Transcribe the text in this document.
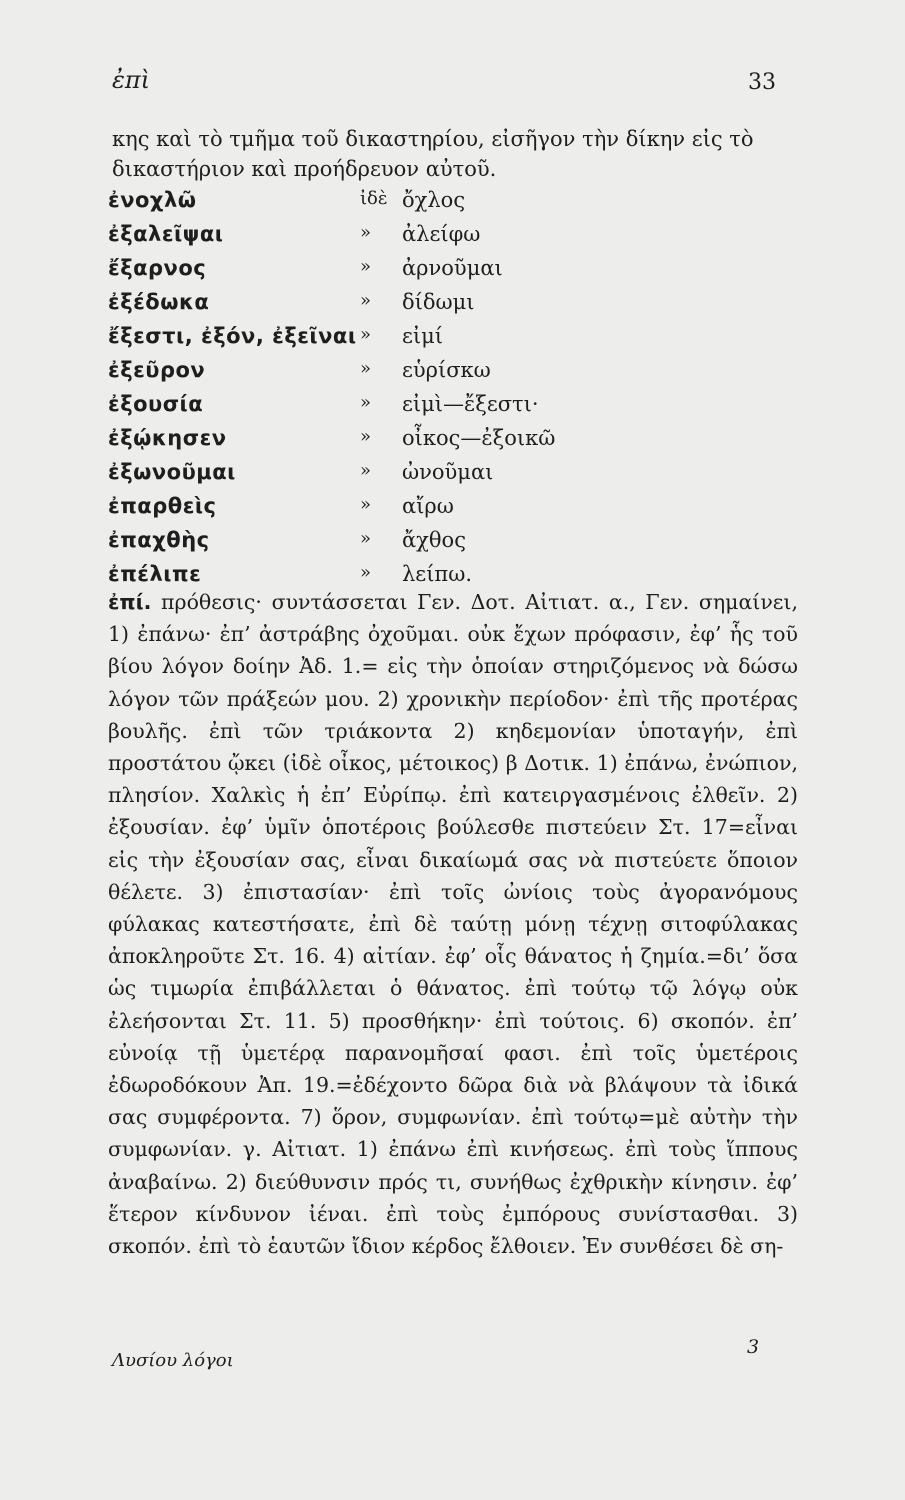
ἐπὶ	33
κης καὶ τὸ τμῆμα τοῦ δικαστηρίου, εἰσῆγον τὴν δίκην εἰς τὸ δικαστήριον καὶ προήδρευον αὐτοῦ.
ἐνοχλῶ	ἰδὲ ὄχλος
ἐξαλεῖψαι	» ἀλείφω
ἔξαρνος	» ἀρνοῦμαι
ἐξέδωκα	» δίδωμι
ἔξεστι, ἐξόν, ἐξεῖναι » εἰμί
ἐξεῦρον	» εὑρίσκω
ἐξουσία	» εἰμὶ—ἔξεστι·
ἐξῴκησεν	» οἶκος—ἐξοικῶ
ἐξωνοῦμαι	» ὠνοῦμαι
ἐπαρθεὶς	» αἴρω
ἐπαχθὴς	» ἄχθος
ἐπέλιπε	» λείπω.

ἐπί. πρόθεσις· συντάσσεται Γεν. Δοτ. Αἰτιατ. α., Γεν. σημαίνει, 1) ἐπάνω· ἐπ’ ἀστράβης ὀχοῦμαι. οὐκ ἔχων πρόφασιν, ἐφ’ ἧς τοῦ βίου λόγον δοίην Ἀδ. 1.= εἰς τὴν ὁποίαν στηριζόμενος νὰ δώσω λόγον τῶν πράξεών μου. 2) χρονικὴν περίοδον· ἐπὶ τῆς προτέρας βουλῆς. ἐπὶ τῶν τριάκοντα 2) κηδεμονίαν ὑποταγήν, ἐπὶ προστάτου ᾤκει (ἰδὲ οἶκος, μέτοικος) β Δοτικ. 1) ἐπάνω, ἐνώπιον, πλησίον. Χαλκὶς ἡ ἐπ’ Εὐρίπῳ. ἐπὶ κατειργασμένοις ἐλθεῖν. 2) ἐξουσίαν. ἐφ’ ὑμῖν ὁποτέροις βούλεσθε πιστεύειν Στ. 17=εἶναι εἰς τὴν ἐξουσίαν σας, εἶναι δικαίωμά σας νὰ πιστεύετε ὅποιον θέλετε. 3) ἐπιστασίαν· ἐπὶ τοῖς ὠνίοις τοὺς ἀγορανόμους φύλακας κατεστήσατε, ἐπὶ δὲ ταύτῃ μόνῃ τέχνῃ σιτοφύλακας ἀποκληροῦτε Στ. 16. 4) αἰτίαν. ἐφ’ οἷς θάνατος ἡ ζημία.=δι’ ὅσα ὡς τιμωρία ἐπιβάλλεται ὁ θάνατος. ἐπὶ τούτῳ τῷ λόγῳ οὐκ ἐλεήσονται Στ. 11. 5) προσθήκην· ἐπὶ τούτοις. 6) σκοπόν. ἐπ’ εὐνοίᾳ τῇ ὑμετέρᾳ παρανομῆσαί φασι. ἐπὶ τοῖς ὑμετέροις ἐδωροδόκουν Ἀπ. 19.=ἐδέχοντο δῶρα διὰ νὰ βλάψουν τὰ ἰδικά σας συμφέροντα. 7) ὅρον, συμφωνίαν. ἐπὶ τούτῳ=μὲ αὐτὴν τὴν συμφωνίαν. γ. Αἰτιατ. 1) ἐπάνω ἐπὶ κινήσεως. ἐπὶ τοὺς ἵππους ἀναβαίνω. 2) διεύθυνσιν πρός τι, συνήθως ἐχθρικὴν κίνησιν. ἐφ’ ἕτερον κίνδυνον ἰέναι. ἐπὶ τοὺς ἐμπόρους συνίστασθαι. 3) σκοπόν. ἐπὶ τὸ ἑαυτῶν ἴδιον κέρδος ἔλθοιεν. Ἐν συνθέσει δὲ ση-

Λυσίου λόγοι
3
